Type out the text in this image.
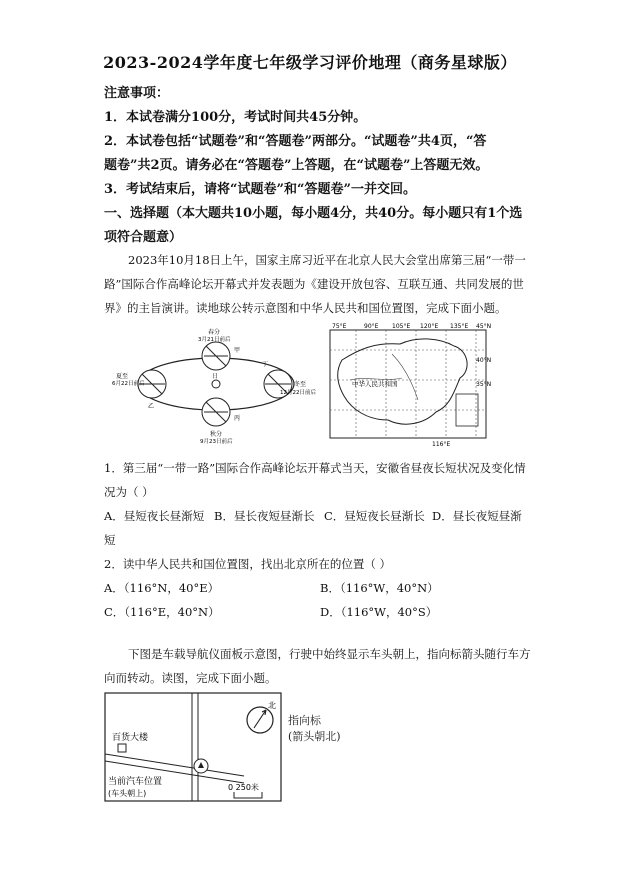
2023-2024学年度七年级学习评价地理（商务星球版）
注意事项：
1．本试卷满分100分，考试时间共45分钟。
2．本试卷包括“试题卷”和“答题卷”两部分。“试题卷”共4页，“答
题卷”共2页。请务必在“答题卷”上答题，在“试题卷”上答题无效。
3．考试结束后，请将“试题卷”和“答题卷”一并交回。
一、选择题（本大题共10小题，每小题4分，共40分。每小题只有1个选
项符合题意）
2023年10月18日上午，国家主席习近平在北京人民大会堂出席第三届“一带一
路”国际合作高峰论坛开幕式并发表题为《建设开放包容、互联互通、共同发展的世
界》的主旨演讲。读地球公转示意图和中华人民共和国位置图，完成下面小题。
日
春分
3月21日前后
夏至
6月22日前后
秋分
9月23日前后
冬至
12月22日前后
甲
乙
丙
丁
75°E	90°E 105°E 120°E 135°E 45°N
40°N
35°N
中华人民共和国
116°E
1．第三届“一带一路”国际合作高峰论坛开幕式当天，安徽省昼夜长短状况及变化情
况为（ ）
A．昼短夜长昼渐短 B．昼长夜短昼渐长 C．昼短夜长昼渐长 D．昼长夜短昼渐
短
2．读中华人民共和国位置图，找出北京所在的位置（ ）
A．（116°N，40°E）	B．（116°W，40°N）
C．（116°E，40°N）	D．（116°W，40°S）
下图是车载导航仪面板示意图，行驶中始终显示车头朝上，指向标箭头随行车方
向而转动。读图，完成下面小题。
百货大楼
北
当前汽车位置
(车头朝上)
0 250米
指向标
(箭头朝北)
